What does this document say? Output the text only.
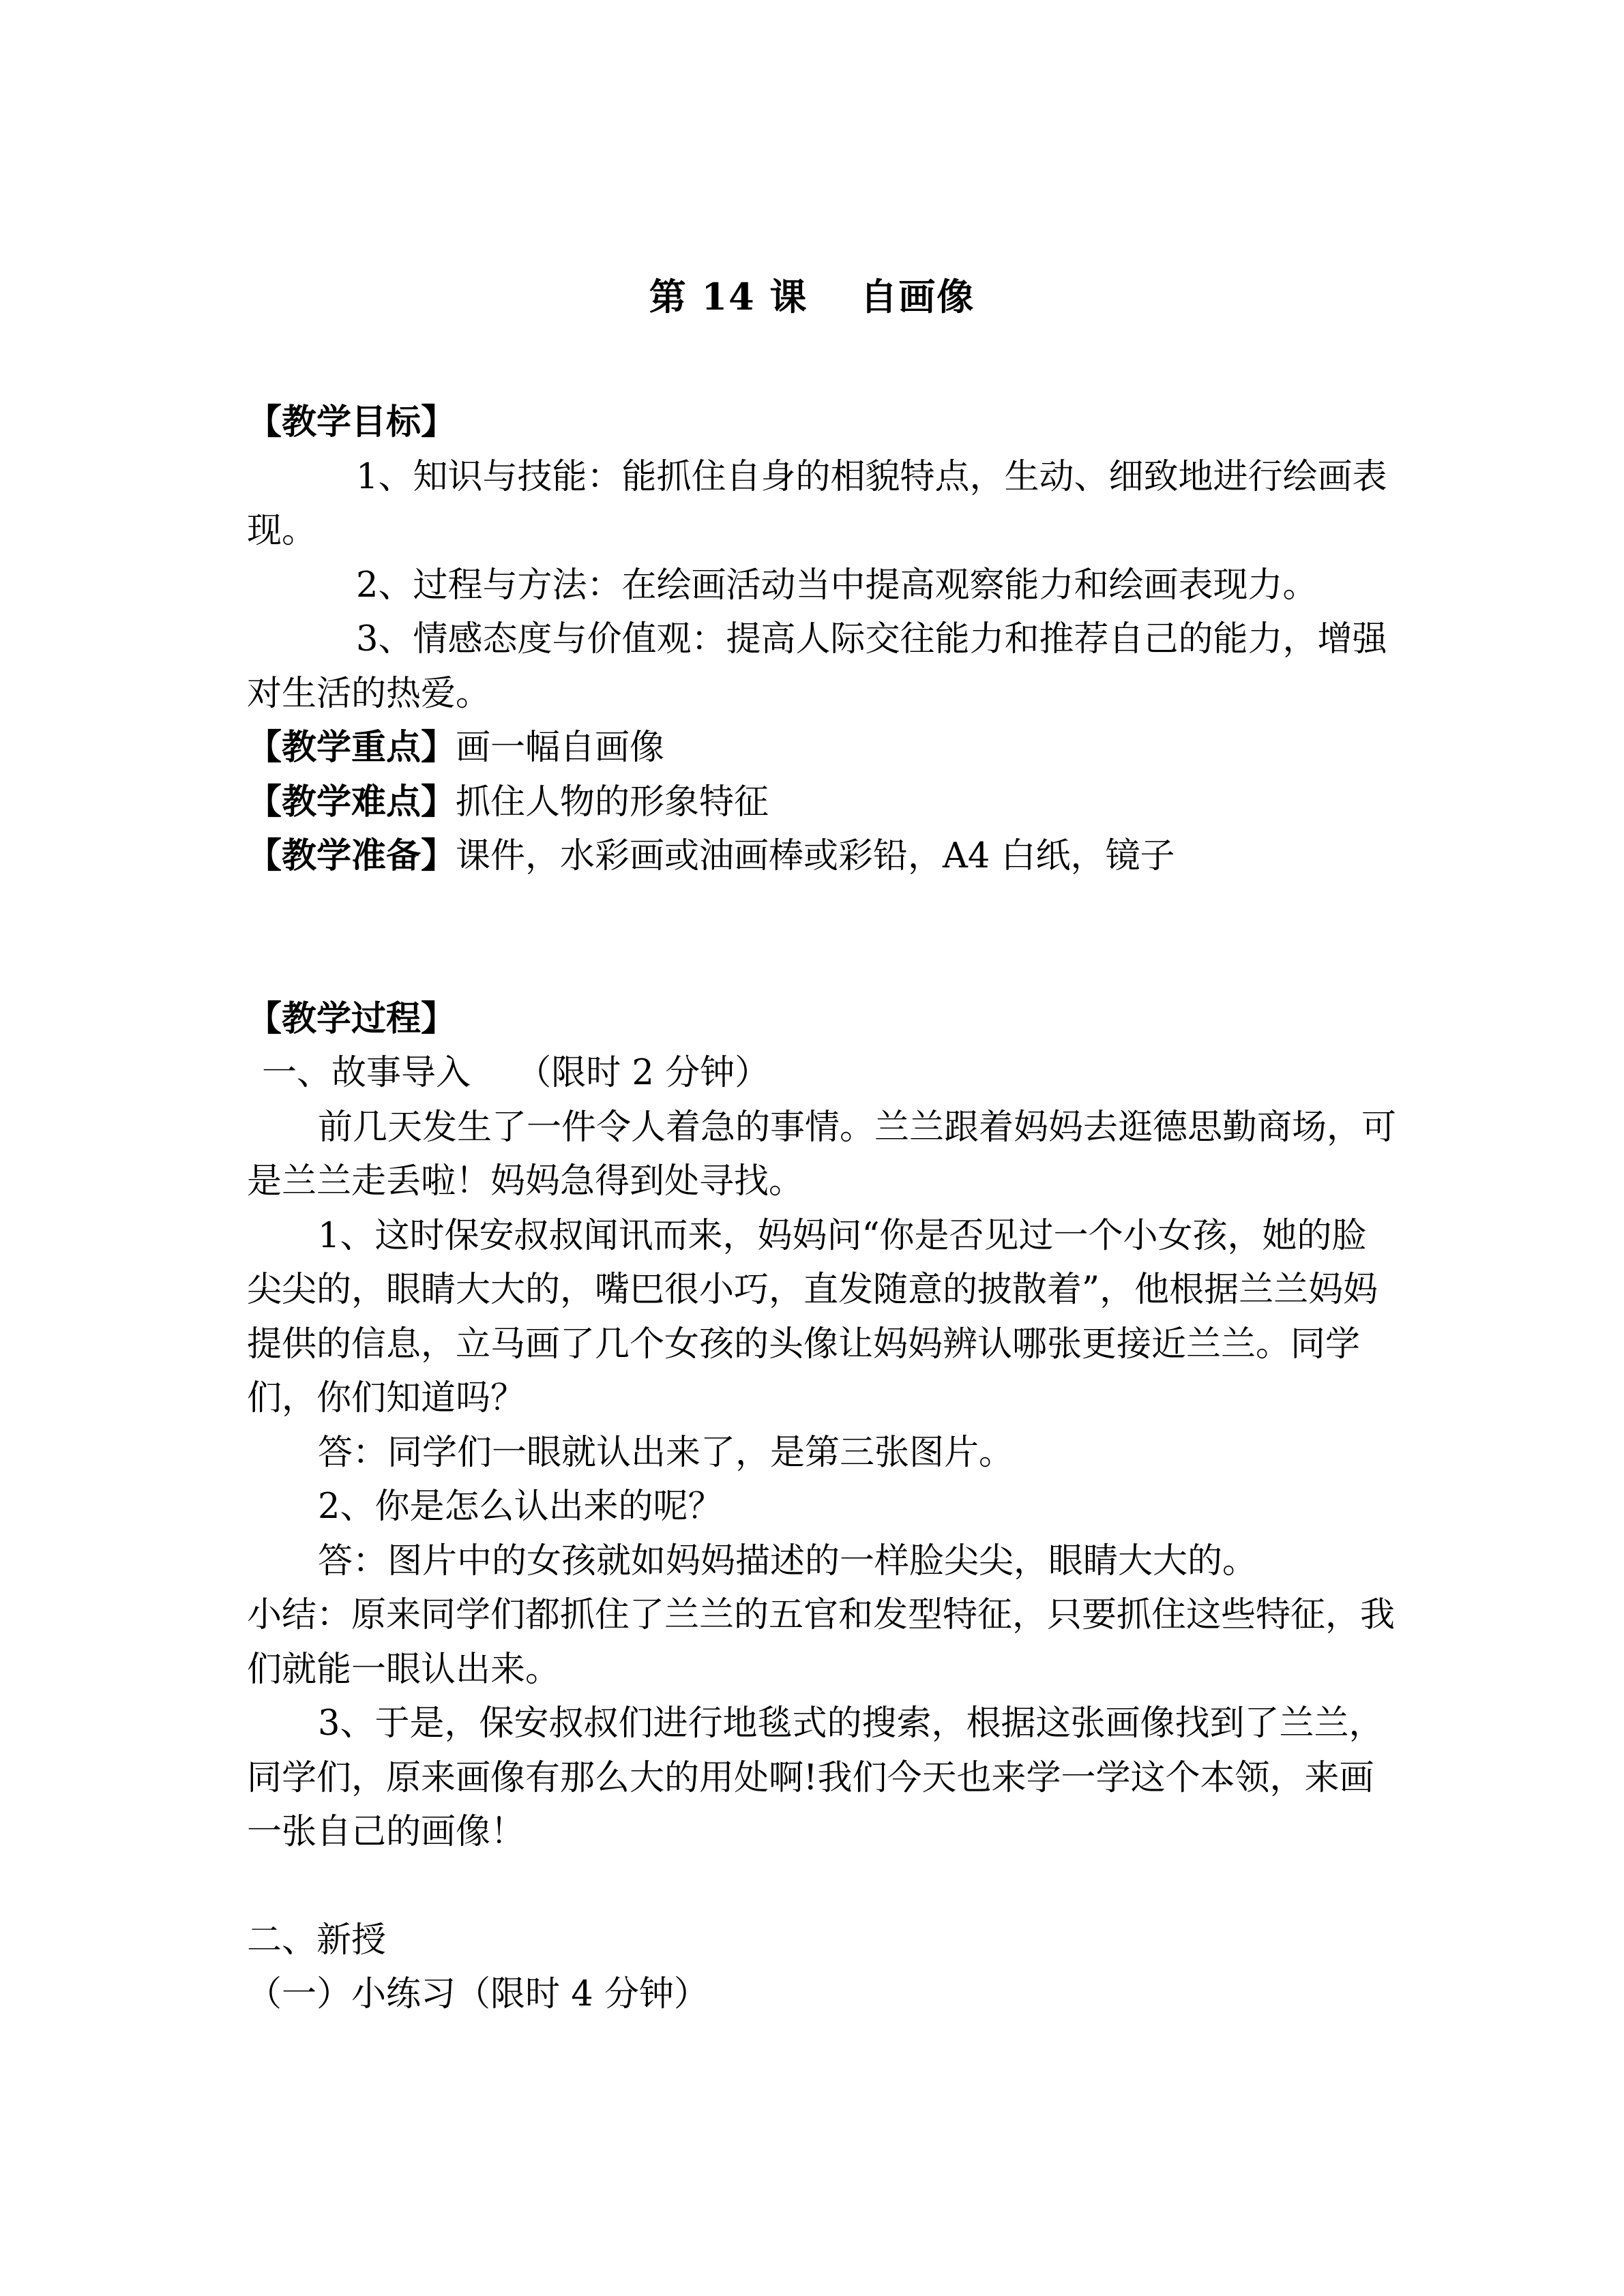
第 14 课　 自画像

【教学目标】

1、知识与技能：能抓住自身的相貌特点，生动、细致地进行绘画表现。

2、过程与方法：在绘画活动当中提高观察能力和绘画表现力。

3、情感态度与价值观：提高人际交往能力和推荐自己的能力，增强对生活的热爱。

【教学重点】画一幅自画像

【教学难点】抓住人物的形象特征

【教学准备】课件，水彩画或油画棒或彩铅，A4 白纸，镜子

【教学过程】

一、故事导入　 （限时 2 分钟）

前几天发生了一件令人着急的事情。兰兰跟着妈妈去逛德思勤商场，可是兰兰走丢啦！妈妈急得到处寻找。

1、这时保安叔叔闻讯而来，妈妈问“你是否见过一个小女孩，她的脸尖尖的，眼睛大大的，嘴巴很小巧，直发随意的披散着”，他根据兰兰妈妈提供的信息，立马画了几个女孩的头像让妈妈辨认哪张更接近兰兰。同学们，你们知道吗？

答：同学们一眼就认出来了，是第三张图片。

2、你是怎么认出来的呢？

答：图片中的女孩就如妈妈描述的一样脸尖尖，眼睛大大的。

小结：原来同学们都抓住了兰兰的五官和发型特征，只要抓住这些特征，我们就能一眼认出来。

3、于是，保安叔叔们进行地毯式的搜索，根据这张画像找到了兰兰，同学们，原来画像有那么大的用处啊!我们今天也来学一学这个本领，来画一张自己的画像！

二、新授

（一）小练习（限时 4 分钟）
